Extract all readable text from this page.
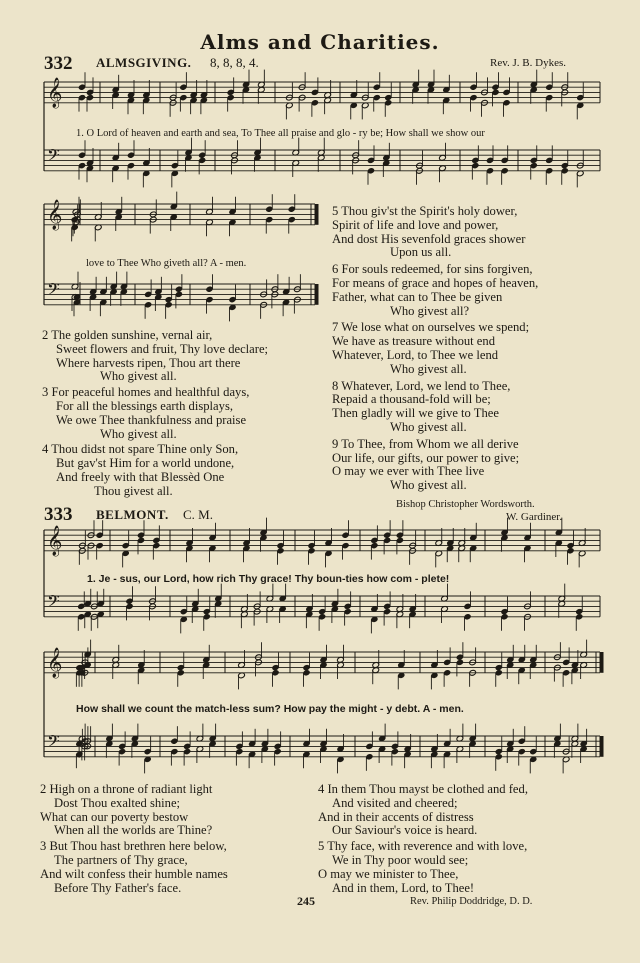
Alms and Charities.
332 ALMSGIVING. 8, 8, 8, 4.	Rev. J. B. Dykes.
𝄞
𝄢
1. O Lord of heaven and earth and sea, To Thee all praise and glo - ry be; How shall we show our
𝄞
𝄢
love to Thee Who giveth all? A - men.
2 The golden sunshine, vernal air,
Sweet flowers and fruit, Thy love declare;
Where harvests ripen, Thou art there
Who givest all.
3 For peaceful homes and healthful days,
For all the blessings earth displays,
We owe Thee thankfulness and praise
Who givest all.
4 Thou didst not spare Thine only Son,
But gav'st Him for a world undone,
And freely with that Blessèd One
Thou givest all.
5 Thou giv'st the Spirit's holy dower,
Spirit of life and love and power,
And dost His sevenfold graces shower
Upon us all.
6 For souls redeemed, for sins forgiven,
For means of grace and hopes of heaven,
Father, what can to Thee be given
Who givest all?
7 We lose what on ourselves we spend;
We have as treasure without end
Whatever, Lord, to Thee we lend
Who givest all.
8 Whatever, Lord, we lend to Thee,
Repaid a thousand-fold will be;
Then gladly will we give to Thee
Who givest all.
9 To Thee, from Whom we all derive
Our life, our gifts, our power to give;
O may we ever with Thee live
Who givest all.
Bishop Christopher Wordsworth.
333 BELMONT. C. M.	W. Gardiner.
𝄞
𝄢
1. Je - sus, our Lord, how rich Thy grace! Thy boun-ties how com - plete!
𝄞
𝄢
How shall we count the match-less sum? How pay the might - y debt. A - men.
2 High on a throne of radiant light
Dost Thou exalted shine;
What can our poverty bestow
When all the worlds are Thine?
3 But Thou hast brethren here below,
The partners of Thy grace,
And wilt confess their humble names
Before Thy Father's face.
4 In them Thou mayst be clothed and fed,
And visited and cheered;
And in their accents of distress
Our Saviour's voice is heard.
5 Thy face, with reverence and with love,
We in Thy poor would see;
O may we minister to Thee,
And in them, Lord, to Thee!
245	Rev. Philip Doddridge, D. D.
